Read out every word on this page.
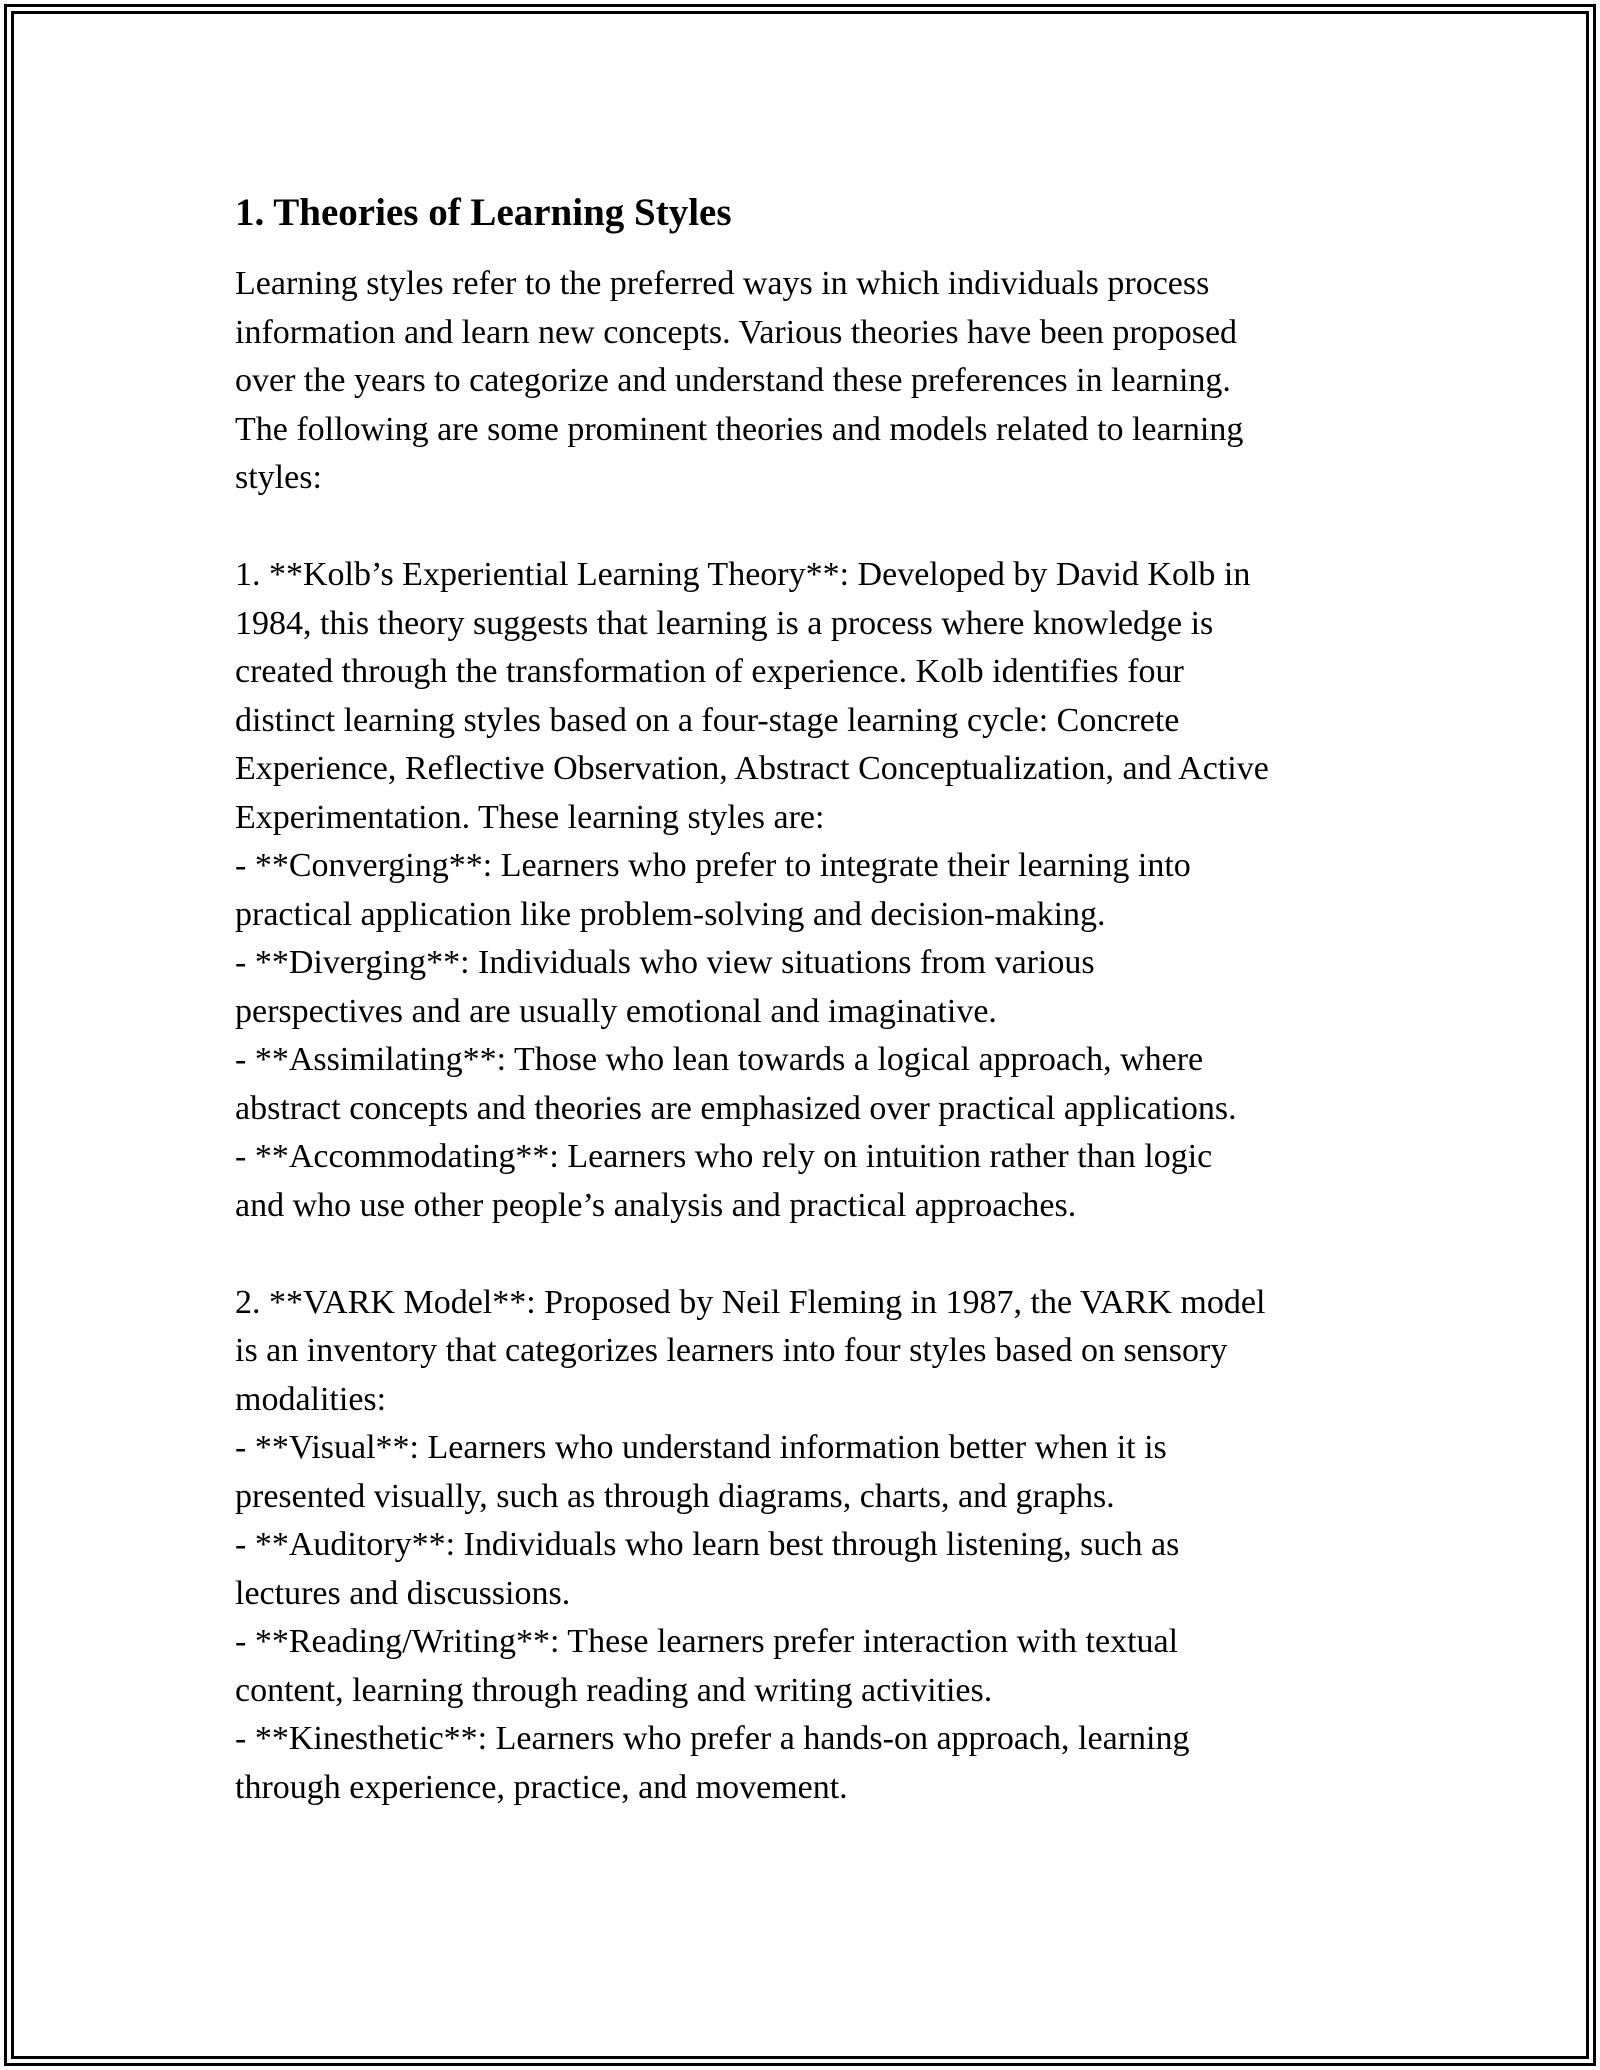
1. Theories of Learning Styles

Learning styles refer to the preferred ways in which individuals process
information and learn new concepts. Various theories have been proposed
over the years to categorize and understand these preferences in learning.
The following are some prominent theories and models related to learning
styles:

1. **Kolb’s Experiential Learning Theory**: Developed by David Kolb in
1984, this theory suggests that learning is a process where knowledge is
created through the transformation of experience. Kolb identifies four
distinct learning styles based on a four-stage learning cycle: Concrete
Experience, Reflective Observation, Abstract Conceptualization, and Active
Experimentation. These learning styles are:
- **Converging**: Learners who prefer to integrate their learning into
practical application like problem-solving and decision-making.
- **Diverging**: Individuals who view situations from various
perspectives and are usually emotional and imaginative.
- **Assimilating**: Those who lean towards a logical approach, where
abstract concepts and theories are emphasized over practical applications.
- **Accommodating**: Learners who rely on intuition rather than logic
and who use other people’s analysis and practical approaches.

2. **VARK Model**: Proposed by Neil Fleming in 1987, the VARK model
is an inventory that categorizes learners into four styles based on sensory
modalities:
- **Visual**: Learners who understand information better when it is
presented visually, such as through diagrams, charts, and graphs.
- **Auditory**: Individuals who learn best through listening, such as
lectures and discussions.
- **Reading/Writing**: These learners prefer interaction with textual
content, learning through reading and writing activities.
- **Kinesthetic**: Learners who prefer a hands-on approach, learning
through experience, practice, and movement.
